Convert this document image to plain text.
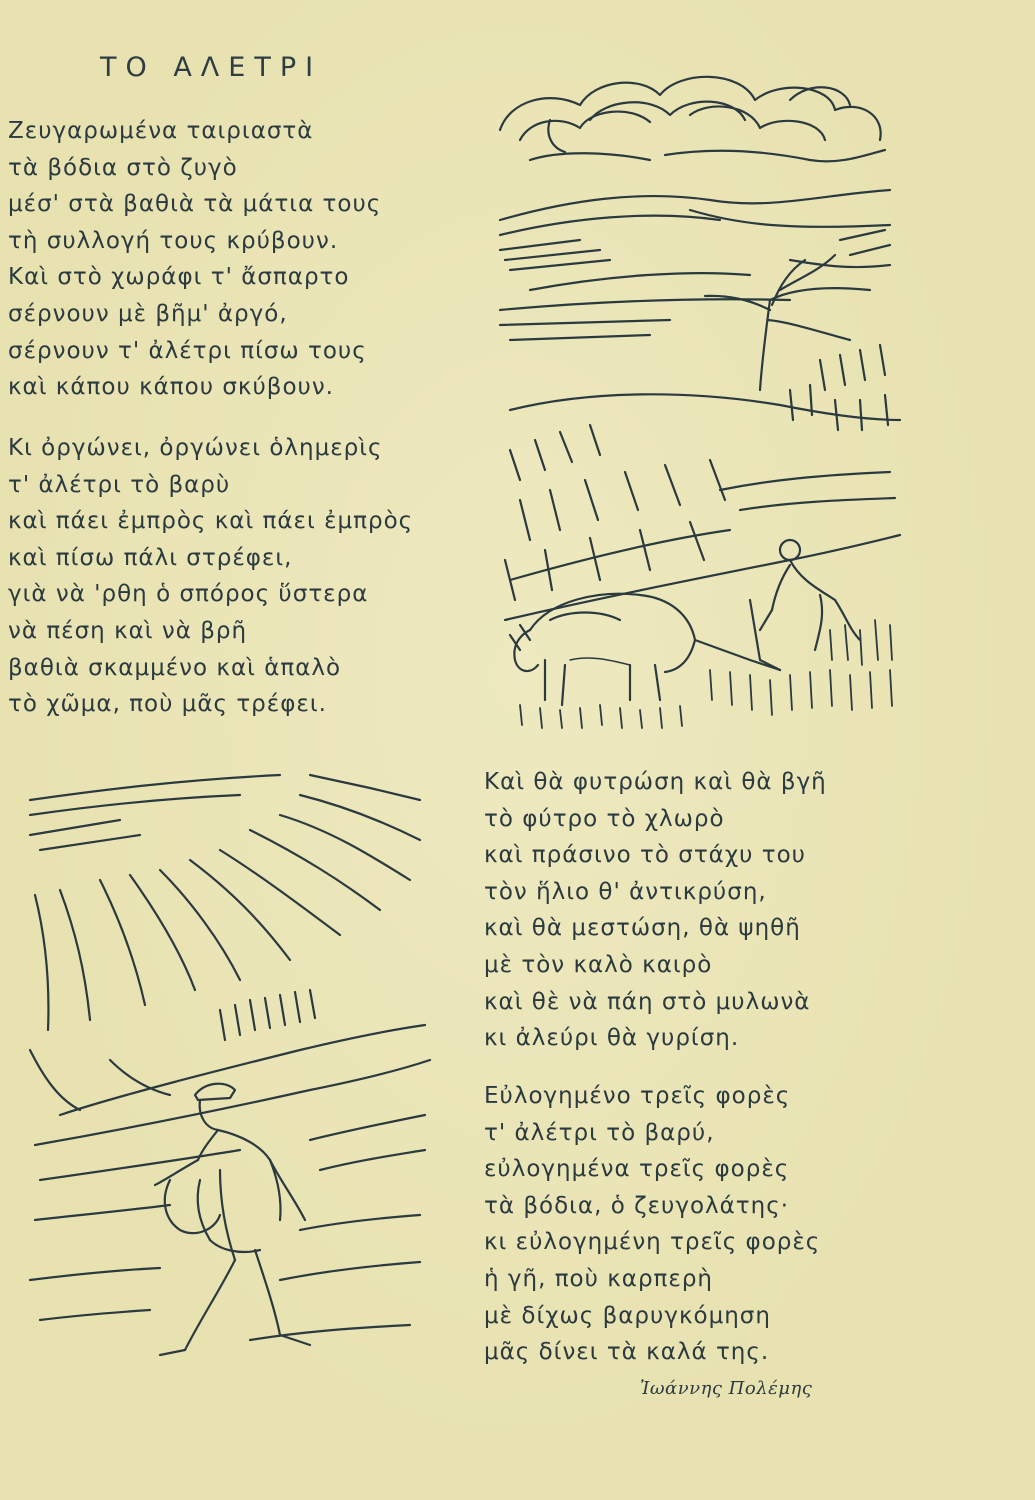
ΤΟ ΑΛΕΤΡΙ
Ζευγαρωμένα ταιριαστὰ
τὰ βόδια στὸ ζυγὸ
μέσ' στὰ βαθιὰ τὰ μάτια τους
τὴ συλλογή τους κρύβουν.
Καὶ στὸ χωράφι τ' ἄσπαρτο
σέρνουν μὲ βῆμ' ἀργό,
σέρνουν τ' ἀλέτρι πίσω τους
καὶ κάπου κάπου σκύβουν.
Κι ὀργώνει, ὀργώνει ὁλημερὶς
τ' ἀλέτρι τὸ βαρὺ
καὶ πάει ἐμπρὸς καὶ πάει ἐμπρὸς
καὶ πίσω πάλι στρέφει,
γιὰ νὰ 'ρθη ὁ σπόρος ὕστερα
νὰ πέση καὶ νὰ βρῆ
βαθιὰ σκαμμένο καὶ ἁπαλὸ
τὸ χῶμα, ποὺ μᾶς τρέφει.
Καὶ θὰ φυτρώση καὶ θὰ βγῆ
τὸ φύτρο τὸ χλωρὸ
καὶ πράσινο τὸ στάχυ του
τὸν ἥλιο θ' ἀντικρύση,
καὶ θὰ μεστώση, θὰ ψηθῆ
μὲ τὸν καλὸ καιρὸ
καὶ θὲ νὰ πάη στὸ μυλωνὰ
κι ἀλεύρι θὰ γυρίση.
Εὐλογημένο τρεῖς φορὲς
τ' ἀλέτρι τὸ βαρύ,
εὐλογημένα τρεῖς φορὲς
τὰ βόδια, ὁ ζευγολάτης·
κι εὐλογημένη τρεῖς φορὲς
ἡ γῆ, ποὺ καρπερὴ
μὲ δίχως βαρυγκόμηση
μᾶς δίνει τὰ καλά της.
Ἰωάννης Πολέμης
